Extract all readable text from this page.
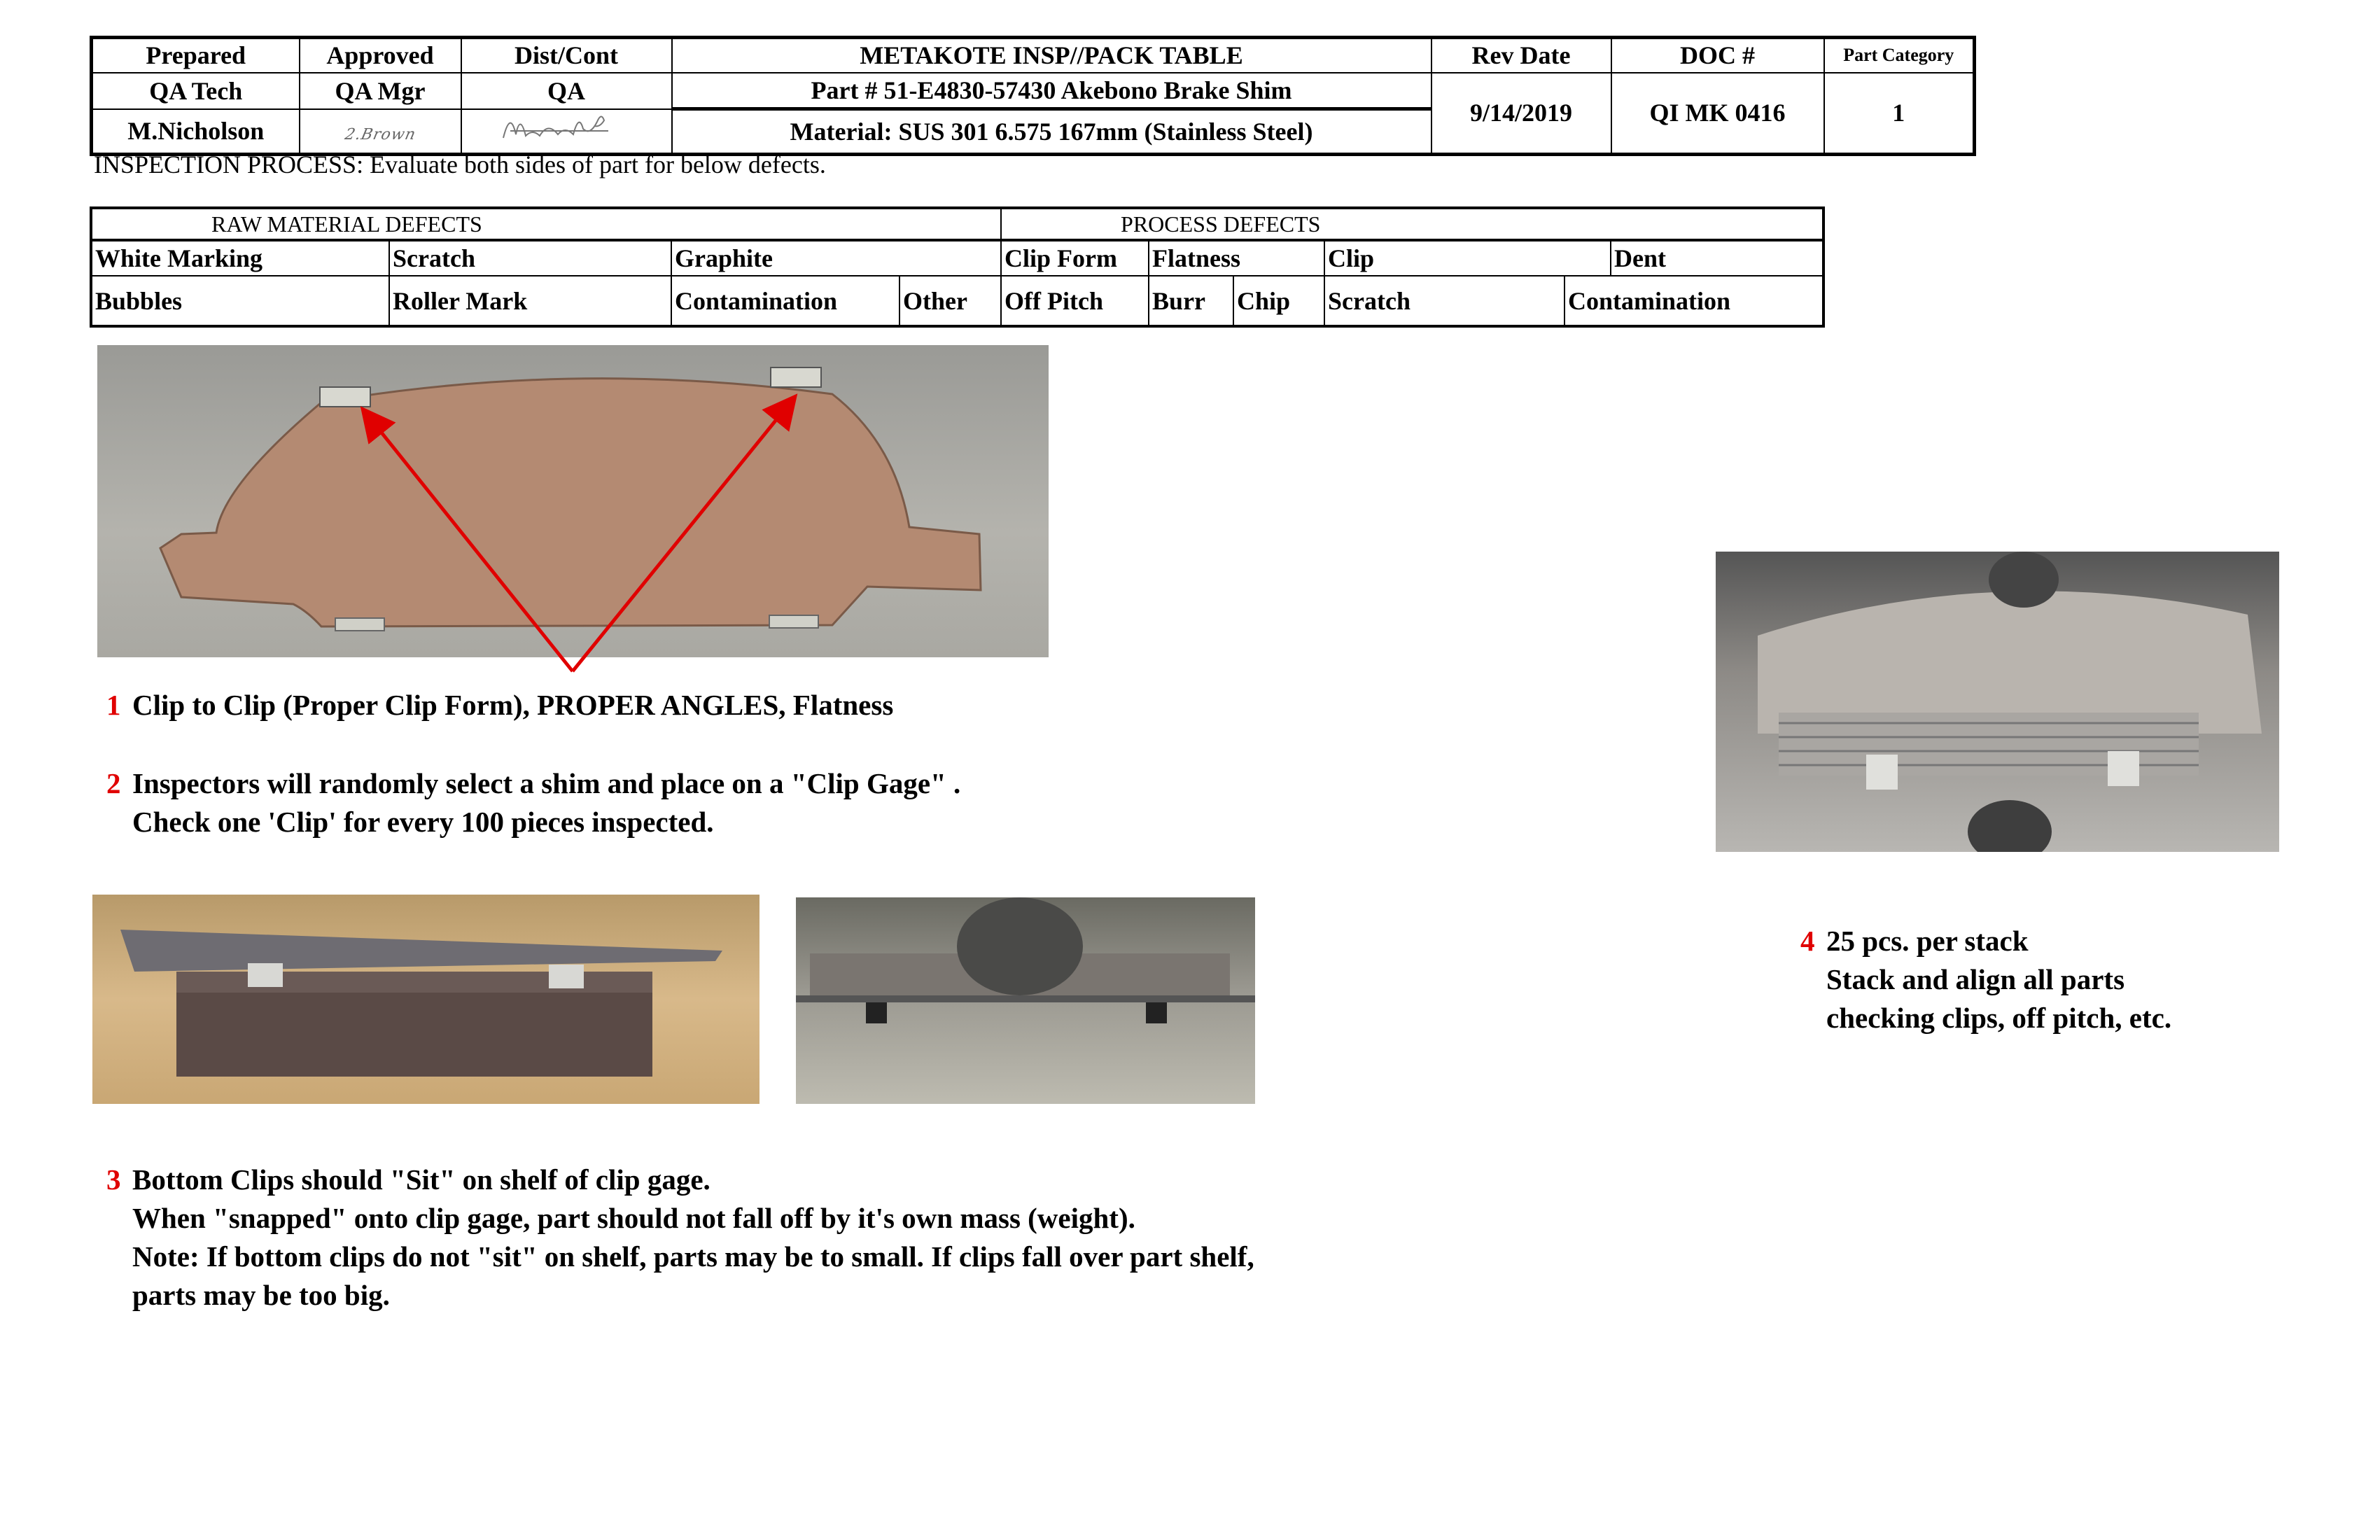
Prepared	Approved	Dist/Cont	METAKOTE INSP//PACK TABLE	Rev Date	DOC #	Part Category
QA Tech	QA Mgr	QA	Part # 51-E4830-57430 Akebono Brake Shim	9/14/2019	QI MK 0416	1
M.Nicholson	2.Brown		Material: SUS 301 6.575 167mm (Stainless Steel)			
INSPECTION PROCESS: Evaluate both sides of part for below defects.
RAW MATERIAL DEFECTS				PROCESS DEFECTS					
White Marking	Scratch	Graphite		Clip Form	Flatness		Clip		Dent
Bubbles	Roller Mark	Contamination	Other	Off Pitch	Burr	Chip	Scratch	Contamination	
1 Clip to Clip (Proper Clip Form), PROPER ANGLES, Flatness
2 Inspectors will randomly select a shim and place on a "Clip Gage" .
Check one 'Clip' for every 100 pieces inspected.
3 Bottom Clips should "Sit" on shelf of clip gage.
When "snapped" onto clip gage, part should not fall off by it's own mass (weight).
Note: If bottom clips do not "sit" on shelf, parts may be to small. If clips fall over part shelf,
parts may be too big.
4 25 pcs. per stack
Stack and align all parts
checking clips, off pitch, etc.
